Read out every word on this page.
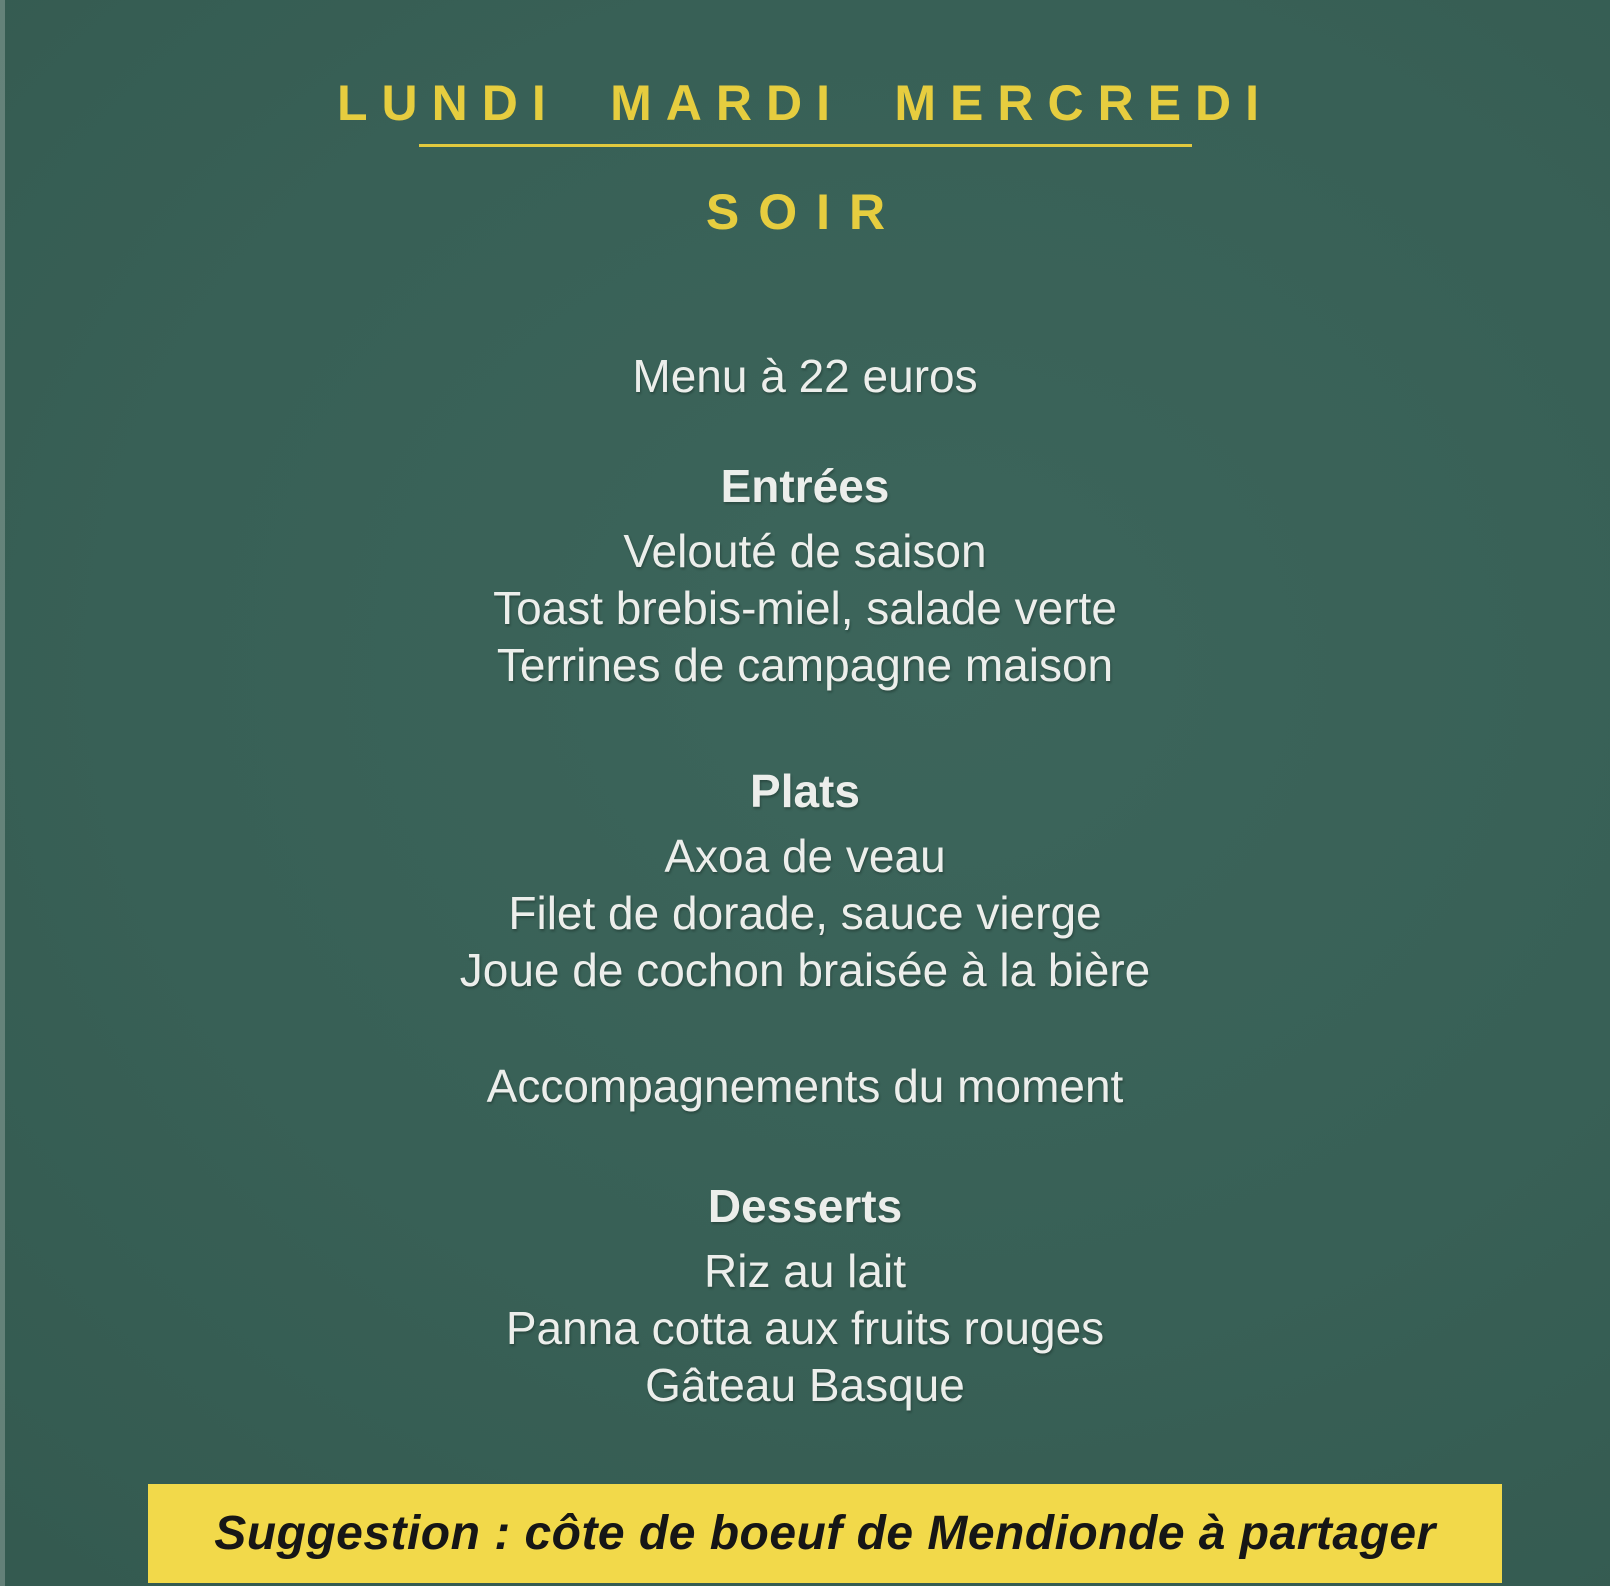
LUNDI MARDI MERCREDI
SOIR

Menu à 22 euros

Entrées
Velouté de saison
Toast brebis-miel, salade verte
Terrines de campagne maison
Plats
Axoa de veau
Filet de dorade, sauce vierge
Joue de cochon braisée à la bière

Accompagnements du moment

Desserts
Riz au lait
Panna cotta aux fruits rouges
Gâteau Basque
Suggestion : côte de boeuf de Mendionde à partager
